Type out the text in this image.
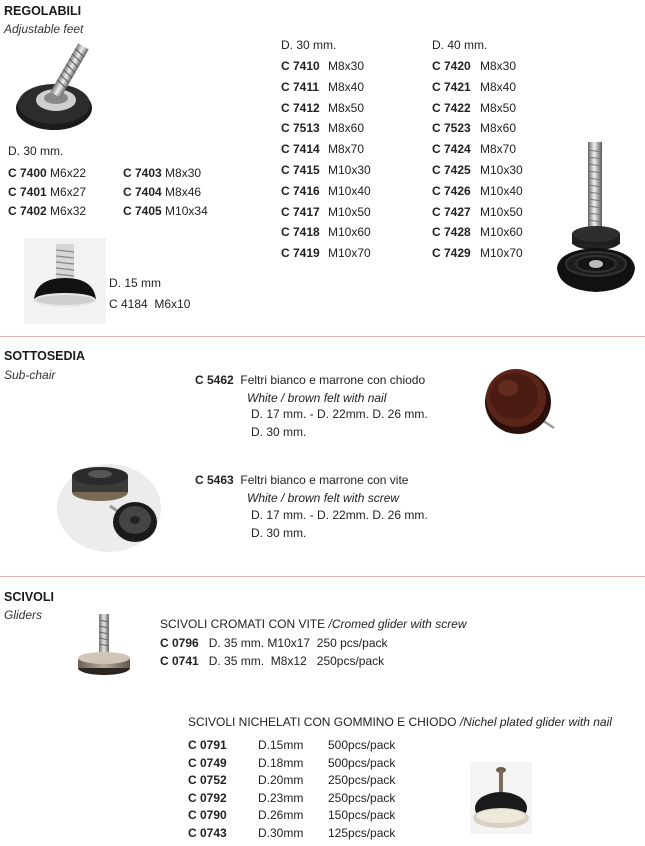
REGOLABILI
Adjustable feet
D. 30 mm.
C 7400 M6x22
C 7401 M6x27
C 7402 M6x32
C 7403 M8x30
C 7404 M8x46
C 7405 M10x34
D. 15 mm
C 4184 M6x10
D. 30 mm.
C 7410 M8x30
C 7411 M8x40
C 7412 M8x50
C 7513 M8x60
C 7414 M8x70
C 7415 M10x30
C 7416 M10x40
C 7417 M10x50
C 7418 M10x60
C 7419 M10x70
D. 40 mm.
C 7420 M8x30
C 7421 M8x40
C 7422 M8x50
C 7523 M8x60
C 7424 M8x70
C 7425 M10x30
C 7426 M10x40
C 7427 M10x50
C 7428 M10x60
C 7429 M10x70
SOTTOSEDIA
Sub-chair	C 5462 Feltri bianco e marrone con chiodo
White / brown felt with nail
D. 17 mm. - D. 22mm. D. 26 mm.
D. 30 mm.
C 5463 Feltri bianco e marrone con vite
White / brown felt with screw
D. 17 mm. - D. 22mm. D. 26 mm.
D. 30 mm.
SCIVOLI
Gliders
SCIVOLI CROMATI CON VITE /Cromed glider with screw
C 0796 D. 35 mm. M10x17 250 pcs/pack
C 0741 D. 35 mm. M8x12 250pcs/pack
SCIVOLI NICHELATI CON GOMMINO E CHIODO /Nichel plated glider with nail
C 0791	D.15mm 500pcs/pack
C 0749	D.18mm 500pcs/pack
C 0752	D.20mm 250pcs/pack
C 0792	D.23mm 250pcs/pack
C 0790	D.26mm 150pcs/pack
C 0743	D.30mm 125pcs/pack
